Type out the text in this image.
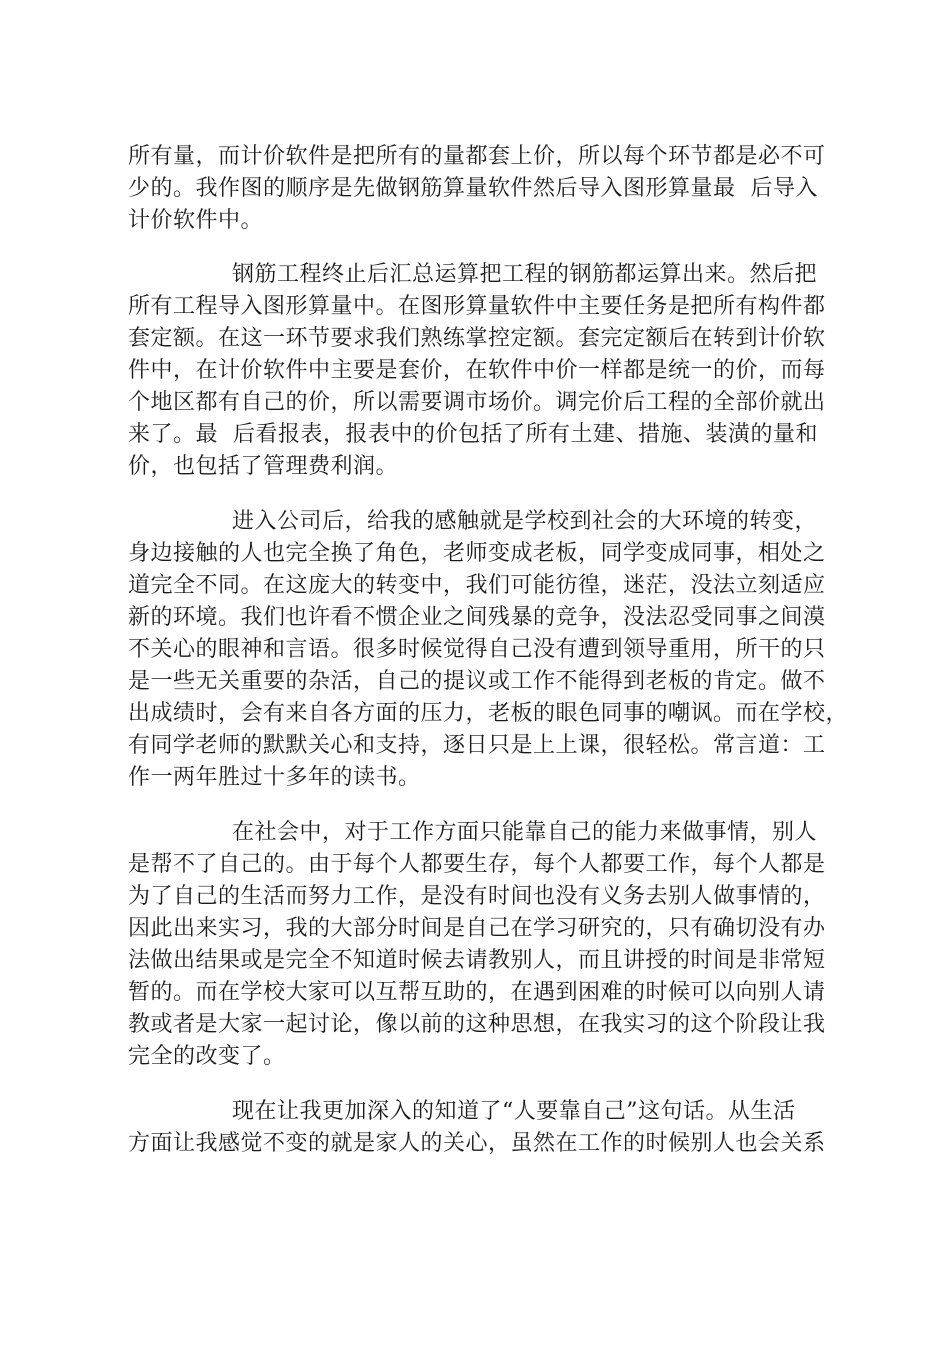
所有量，而计价软件是把所有的量都套上价，所以每个环节都是必不可
少的。我作图的顺序是先做钢筋算量软件然后导入图形算量最  后导入
计价软件中。
钢筋工程终止后汇总运算把工程的钢筋都运算出来。然后把
所有工程导入图形算量中。在图形算量软件中主要任务是把所有构件都
套定额。在这一环节要求我们熟练掌控定额。套完定额后在转到计价软
件中，在计价软件中主要是套价，在软件中价一样都是统一的价，而每
个地区都有自己的价，所以需要调市场价。调完价后工程的全部价就出
来了。最  后看报表，报表中的价包括了所有土建、措施、装潢的量和
价，也包括了管理费利润。
进入公司后，给我的感触就是学校到社会的大环境的转变，
身边接触的人也完全换了角色，老师变成老板，同学变成同事，相处之
道完全不同。在这庞大的转变中，我们可能彷徨，迷茫，没法立刻适应
新的环境。我们也许看不惯企业之间残暴的竞争，没法忍受同事之间漠
不关心的眼神和言语。很多时候觉得自己没有遭到领导重用，所干的只
是一些无关重要的杂活，自己的提议或工作不能得到老板的肯定。做不
出成绩时，会有来自各方面的压力，老板的眼色同事的嘲讽。而在学校，
有同学老师的默默关心和支持，逐日只是上上课，很轻松。常言道：工
作一两年胜过十多年的读书。
在社会中，对于工作方面只能靠自己的能力来做事情，别人
是帮不了自己的。由于每个人都要生存，每个人都要工作，每个人都是
为了自己的生活而努力工作，是没有时间也没有义务去别人做事情的，
因此出来实习，我的大部分时间是自己在学习研究的，只有确切没有办
法做出结果或是完全不知道时候去请教别人，而且讲授的时间是非常短
暂的。而在学校大家可以互帮互助的，在遇到困难的时候可以向别人请
教或者是大家一起讨论，像以前的这种思想，在我实习的这个阶段让我
完全的改变了。
现在让我更加深入的知道了“人要靠自己”这句话。从生活
方面让我感觉不变的就是家人的关心，虽然在工作的时候别人也会关系
